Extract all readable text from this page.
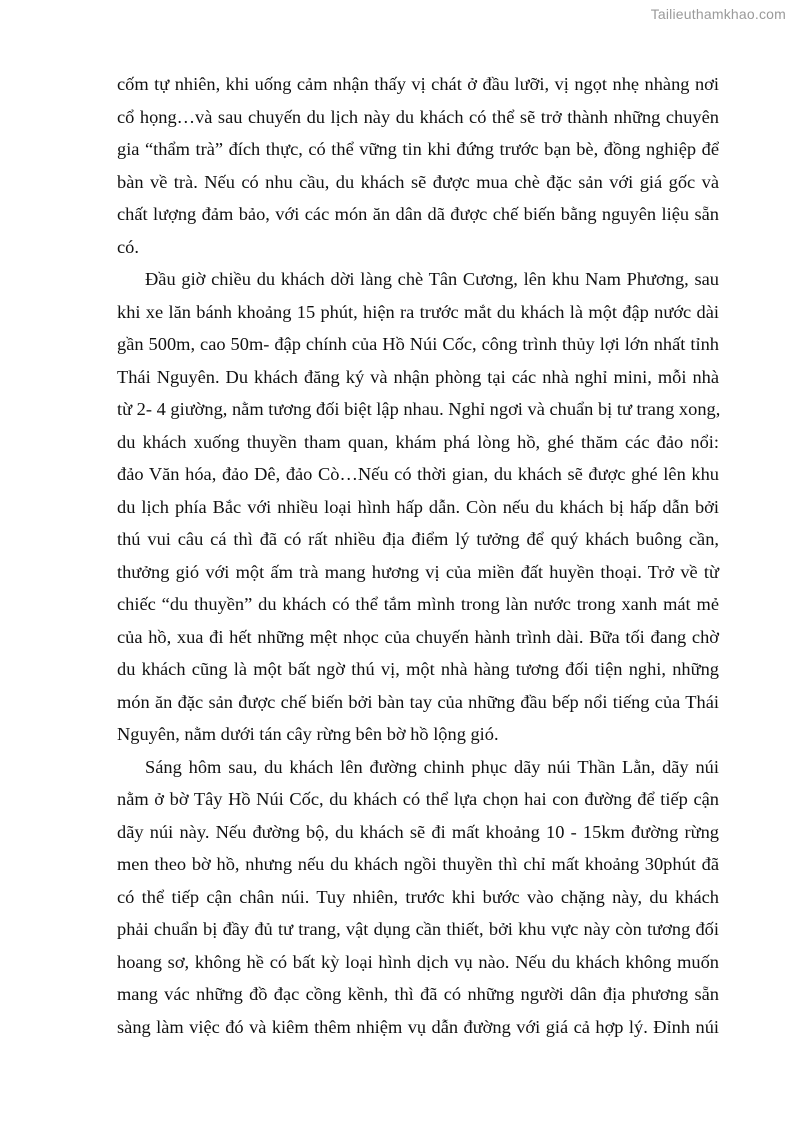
Tailieuthamkhao.com

cốm tự nhiên, khi uống cảm nhận thấy vị chát ở đầu lưỡi, vị ngọt nhẹ nhàng nơi
cổ họng…và sau chuyến du lịch này du khách có thể sẽ trở thành những chuyên
gia “thẩm trà” đích thực, có thể vững tin khi đứng trước bạn bè, đồng nghiệp để
bàn về trà. Nếu có nhu cầu, du khách sẽ được mua chè đặc sản với giá gốc và
chất lượng đảm bảo, với các món ăn dân dã được chế biến bằng nguyên liệu sẵn
có.

Đầu giờ chiều du khách dời làng chè Tân Cương, lên khu Nam Phương, sau
khi xe lăn bánh khoảng 15 phút, hiện ra trước mắt du khách là một đập nước dài
gần 500m, cao 50m- đập chính của Hồ Núi Cốc, công trình thủy lợi lớn nhất tỉnh
Thái Nguyên. Du khách đăng ký và nhận phòng tại các nhà nghỉ mini, mỗi nhà
từ 2- 4 giường, nằm tương đối biệt lập nhau. Nghỉ ngơi và chuẩn bị tư trang xong,
du khách xuống thuyền tham quan, khám phá lòng hồ, ghé thăm các đảo nổi:
đảo Văn hóa, đảo Dê, đảo Cò…Nếu có thời gian, du khách sẽ được ghé lên khu
du lịch phía Bắc với nhiều loại hình hấp dẫn. Còn nếu du khách bị hấp dẫn bởi
thú vui câu cá thì đã có rất nhiều địa điểm lý tưởng để quý khách buông cần,
thưởng gió với một ấm trà mang hương vị của miền đất huyền thoại. Trở về từ
chiếc “du thuyền” du khách có thể tắm mình trong làn nước trong xanh mát mẻ
của hồ, xua đi hết những mệt nhọc của chuyến hành trình dài. Bữa tối đang chờ
du khách cũng là một bất ngờ thú vị, một nhà hàng tương đối tiện nghi, những
món ăn đặc sản được chế biến bởi bàn tay của những đầu bếp nổi tiếng của Thái
Nguyên, nằm dưới tán cây rừng bên bờ hồ lộng gió.

Sáng hôm sau, du khách lên đường chinh phục dãy núi Thần Lằn, dãy núi
nằm ở bờ Tây Hồ Núi Cốc, du khách có thể lựa chọn hai con đường để tiếp cận
dãy núi này. Nếu đường bộ, du khách sẽ đi mất khoảng 10 - 15km đường rừng
men theo bờ hồ, nhưng nếu du khách ngồi thuyền thì chỉ mất khoảng 30phút đã
có thể tiếp cận chân núi. Tuy nhiên, trước khi bước vào chặng này, du khách
phải chuẩn bị đầy đủ tư trang, vật dụng cần thiết, bởi khu vực này còn tương đối
hoang sơ, không hề có bất kỳ loại hình dịch vụ nào. Nếu du khách không muốn
mang vác những đồ đạc cồng kềnh, thì đã có những người dân địa phương sẵn
sàng làm việc đó và kiêm thêm nhiệm vụ dẫn đường với giá cả hợp lý. Đỉnh núi
